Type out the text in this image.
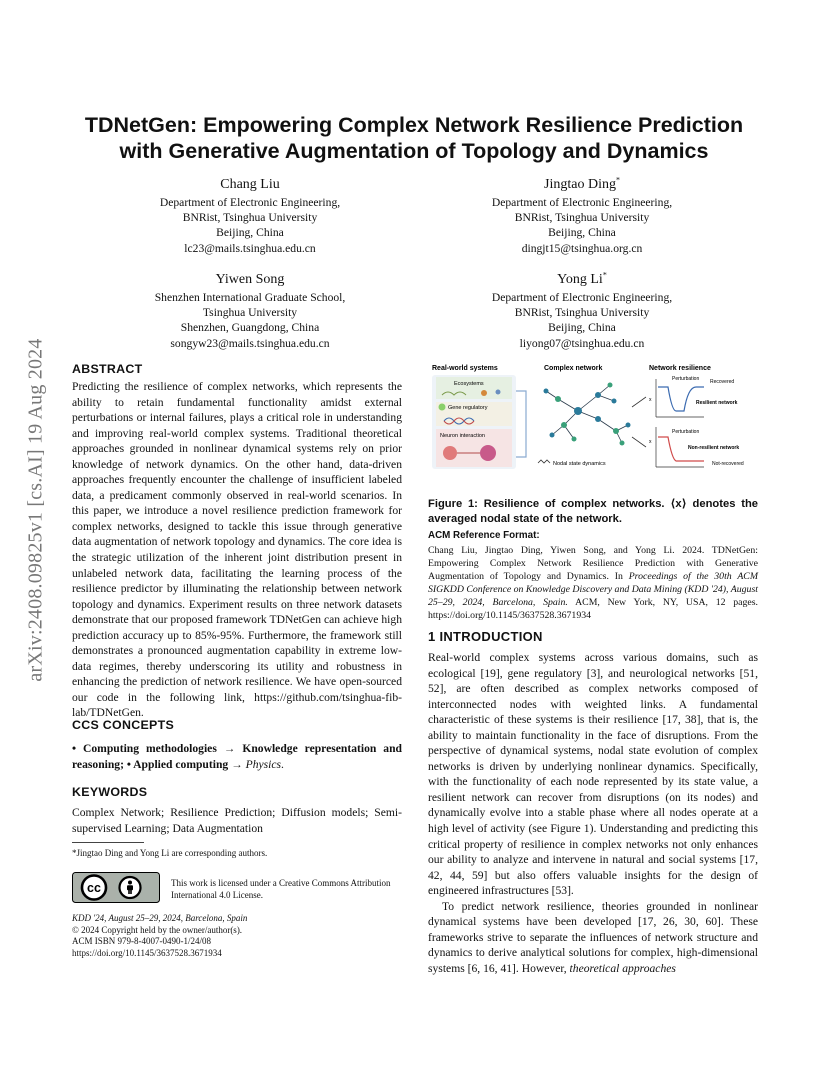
TDNetGen: Empowering Complex Network Resilience Prediction
with Generative Augmentation of Topology and Dynamics
arXiv:2408.09825v1 [cs.AI] 19 Aug 2024
Chang Liu
Department of Electronic Engineering,
BNRist, Tsinghua University
Beijing, China
lc23@mails.tsinghua.edu.cn
Jingtao Ding*
Department of Electronic Engineering,
BNRist, Tsinghua University
Beijing, China
dingjt15@tsinghua.org.cn
Yiwen Song
Shenzhen International Graduate School,
Tsinghua University
Shenzhen, Guangdong, China
songyw23@mails.tsinghua.edu.cn
Yong Li*
Department of Electronic Engineering,
BNRist, Tsinghua University
Beijing, China
liyong07@tsinghua.edu.cn
ABSTRACT
Predicting the resilience of complex networks, which represents the ability to retain fundamental functionality amidst external perturbations or internal failures, plays a critical role in understanding and improving real-world complex systems. Traditional theoretical approaches grounded in nonlinear dynamical systems rely on prior knowledge of network dynamics. On the other hand, data-driven approaches frequently encounter the challenge of insufficient labeled data, a predicament commonly observed in real-world scenarios. In this paper, we introduce a novel resilience prediction framework for complex networks, designed to tackle this issue through generative data augmentation of network topology and dynamics. The core idea is the strategic utilization of the inherent joint distribution present in unlabeled network data, facilitating the learning process of the resilience predictor by illuminating the relationship between network topology and dynamics. Experiment results on three network datasets demonstrate that our proposed framework TDNetGen can achieve high prediction accuracy up to 85%-95%. Furthermore, the framework still demonstrates a pronounced augmentation capability in extreme low-data regimes, thereby underscoring its utility and robustness in enhancing the prediction of network resilience. We have open-sourced our code in the following link, https://github.com/tsinghua-fib-lab/TDNetGen.
CCS CONCEPTS
• Computing methodologies → Knowledge representation and reasoning; • Applied computing → Physics.
KEYWORDS
Complex Network; Resilience Prediction; Diffusion models; Semi-supervised Learning; Data Augmentation
*Jingtao Ding and Yong Li are corresponding authors.
cc	This work is licensed under a Creative Commons Attribution International 4.0 License.
KDD '24, August 25–29, 2024, Barcelona, Spain
© 2024 Copyright held by the owner/author(s).
ACM ISBN 979-8-4007-0490-1/24/08
https://doi.org/10.1145/3637528.3671934
Real-world systems	Complex network	Network resilience
Ecosystems
Gene regulatory
Neuron interaction
Nodal state dynamics
x
Perturbation Recovered
Resilient network
x
Perturbation
Non-resilient network
Not-recovered
Figure 1: Resilience of complex networks. ⟨x⟩ denotes the averaged nodal state of the network.
ACM Reference Format:
Chang Liu, Jingtao Ding, Yiwen Song, and Yong Li. 2024. TDNetGen: Empowering Complex Network Resilience Prediction with Generative Augmentation of Topology and Dynamics. In Proceedings of the 30th ACM SIGKDD Conference on Knowledge Discovery and Data Mining (KDD '24), August 25–29, 2024, Barcelona, Spain. ACM, New York, NY, USA, 12 pages. https://doi.org/10.1145/3637528.3671934
1 INTRODUCTION

Real-world complex systems across various domains, such as ecological [19], gene regulatory [3], and neurological networks [51, 52], are often described as complex networks composed of interconnected nodes with weighted links. A fundamental characteristic of these systems is their resilience [17, 38], that is, the ability to maintain functionality in the face of disruptions. From the perspective of dynamical systems, nodal state evolution of complex networks is driven by underlying nonlinear dynamics. Specifically, with the functionality of each node represented by its state value, a resilient network can recover from disruptions (on its nodes) and dynamically evolve into a stable phase where all nodes operate at a high level of activity (see Figure 1). Understanding and predicting this critical property of resilience in complex networks not only enhances our ability to analyze and intervene in natural and social systems [17, 42, 44, 59] but also offers valuable insights for the design of engineered infrastructures [53].

To predict network resilience, theories grounded in nonlinear dynamical systems have been developed [17, 26, 30, 60]. These frameworks strive to separate the influences of network structure and dynamics to derive analytical solutions for complex, high-dimensional systems [6, 16, 41]. However, theoretical approaches
